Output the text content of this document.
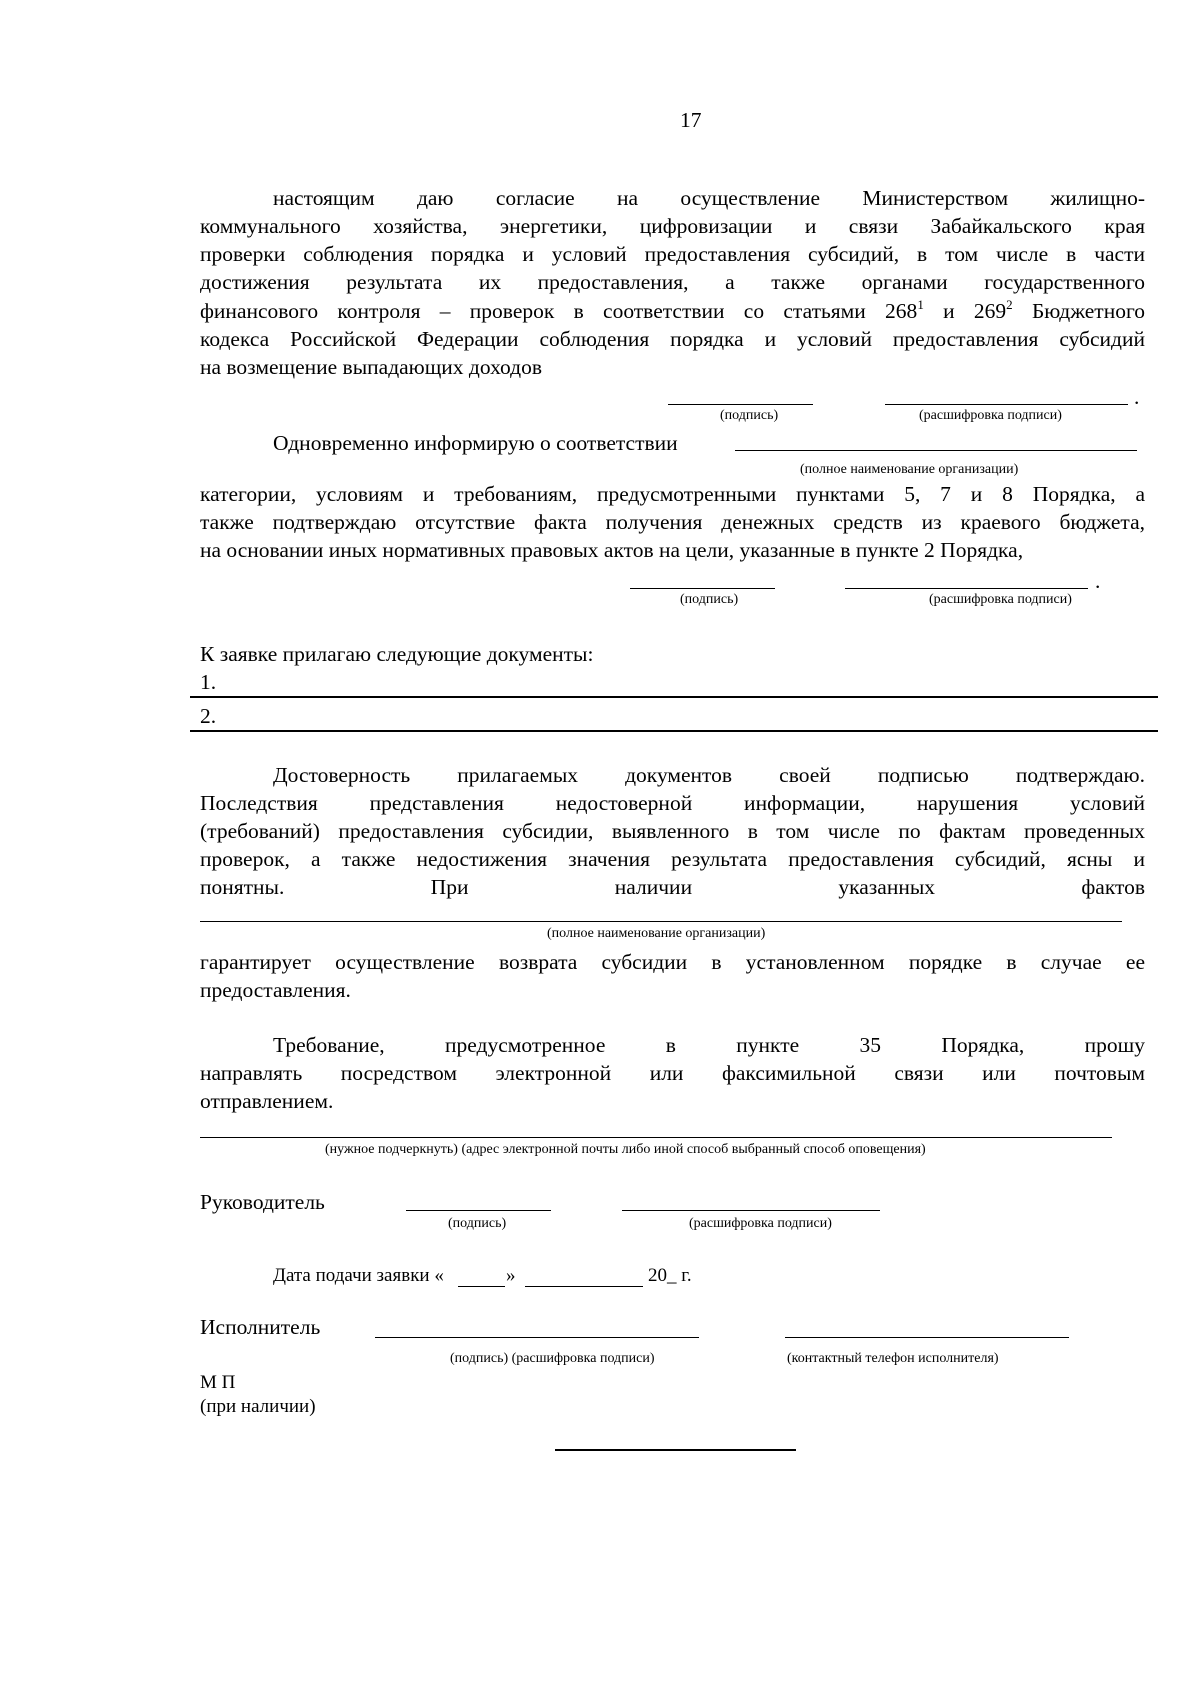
17
настоящим даю согласие на осуществление Министерством жилищно-
коммунального хозяйства, энергетики, цифровизации и связи Забайкальского края
проверки соблюдения порядка и условий предоставления субсидий, в том числе в части
достижения результата их предоставления, а также органами государственного
финансового контроля – проверок в соответствии со статьями $268^1$ и $269^2$ Бюджетного
кодекса Российской Федерации соблюдения порядка и условий предоставления субсидий
на возмещение выпадающих доходов
.
(подпись)	(расшифровка подписи)
Одновременно информирую о соответствии
(полное наименование организации)
категории, условиям и требованиям, предусмотренными пунктами 5, 7 и 8 Порядка, а
также подтверждаю отсутствие факта получения денежных средств из краевого бюджета,
на основании иных нормативных правовых актов на цели, указанные в пункте 2 Порядка,
.
(подпись)	(расшифровка подписи)
К заявке прилагаю следующие документы:
1.
2.
Достоверность прилагаемых документов своей подписью подтверждаю.
Последствия представления недостоверной информации, нарушения условий
(требований) предоставления субсидии, выявленного в том числе по фактам проведенных
проверок, а также недостижения значения результата предоставления субсидий, ясны и
понятны. При наличии указанных фактов
(полное наименование организации)
гарантирует осуществление возврата субсидии в установленном порядке в случае ее
предоставления.
Требование, предусмотренное в пункте 35 Порядка, прошу
направлять посредством электронной или факсимильной связи или почтовым
отправлением.
(нужное подчеркнуть) (адрес электронной почты либо иной способ выбранный способ оповещения)
Руководитель
(подпись)	(расшифровка подписи)
Дата подачи заявки «	»	20_ г.
Исполнитель
(подпись) (расшифровка подписи)	(контактный телефон исполнителя)
М П
(при наличии)
